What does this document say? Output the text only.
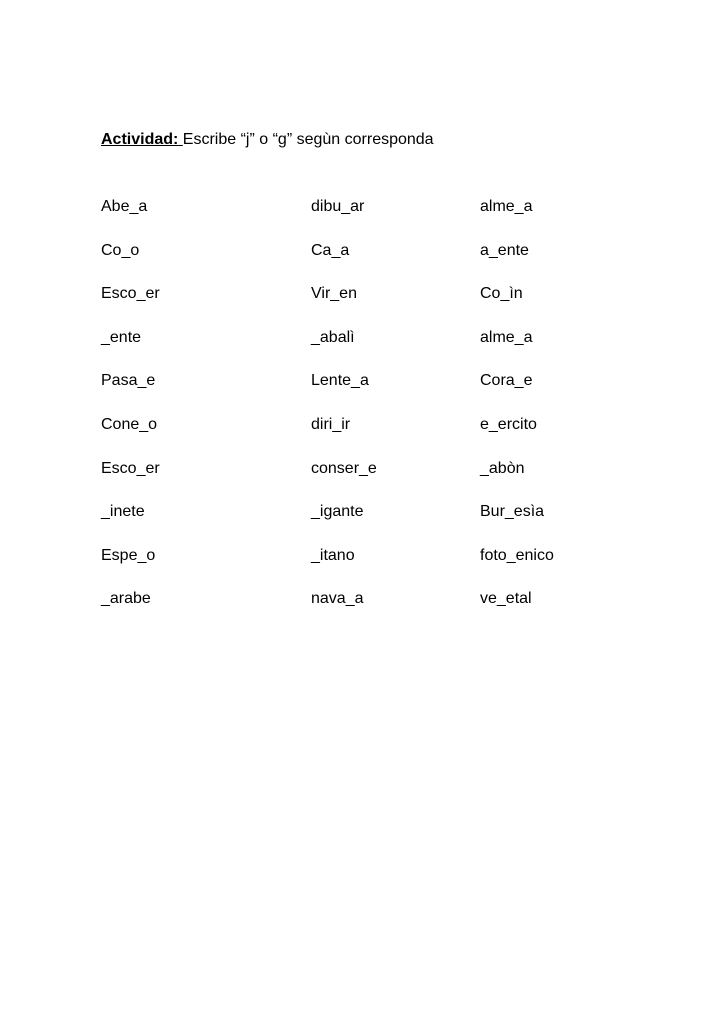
Actividad: Escribe “j” o “g” segùn corresponda
Abe_a	dibu_ar	alme_a
Co_o	Ca_a	a_ente
Esco_er	Vir_en	Co_ìn
_ente	_abalì	alme_a
Pasa_e	Lente_a	Cora_e
Cone_o	diri_ir	e_ercito
Esco_er	conser_e	_abòn
_inete	_igante	Bur_esìa
Espe_o	_itano	foto_enico
_arabe	nava_a	ve_etal
